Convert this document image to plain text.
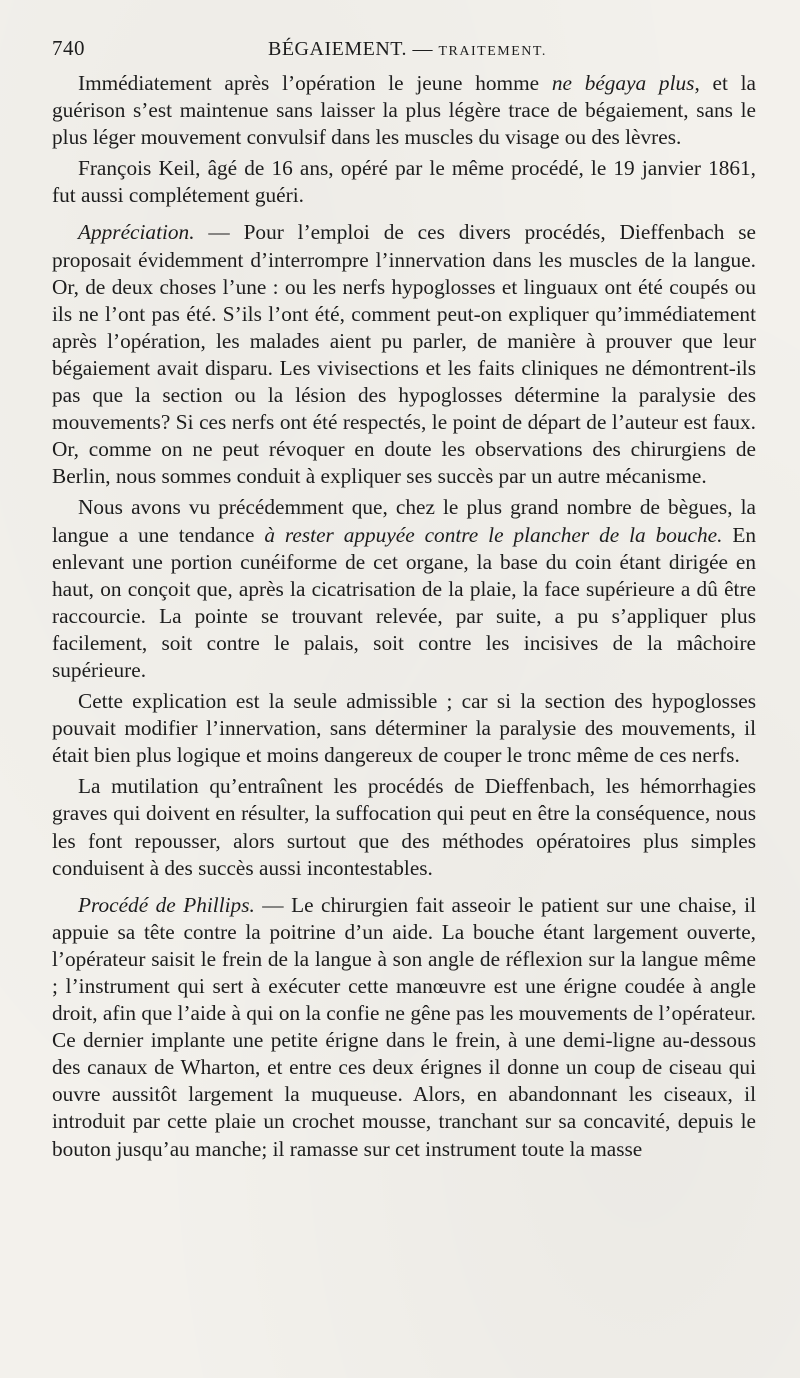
740	BÉGAIEMENT. — TRAITEMENT.

Immédiatement après l’opération le jeune homme ne bégaya plus, et la guérison s’est maintenue sans laisser la plus légère trace de bégaiement, sans le plus léger mouvement convulsif dans les muscles du visage ou des lèvres.

François Keil, âgé de 16 ans, opéré par le même procédé, le 19 janvier 1861, fut aussi complétement guéri.

Appréciation. — Pour l’emploi de ces divers procédés, Dieffenbach se proposait évidemment d’interrompre l’innervation dans les muscles de la langue. Or, de deux choses l’une : ou les nerfs hypoglosses et linguaux ont été coupés ou ils ne l’ont pas été. S’ils l’ont été, comment peut-on expliquer qu’immédiatement après l’opération, les malades aient pu parler, de manière à prouver que leur bégaiement avait disparu. Les vivisections et les faits cliniques ne démontrent-ils pas que la section ou la lésion des hypoglosses détermine la paralysie des mouvements? Si ces nerfs ont été respectés, le point de départ de l’auteur est faux. Or, comme on ne peut révoquer en doute les observations des chirurgiens de Berlin, nous sommes conduit à expliquer ses succès par un autre mécanisme.

Nous avons vu précédemment que, chez le plus grand nombre de bègues, la langue a une tendance à rester appuyée contre le plancher de la bouche. En enlevant une portion cunéiforme de cet organe, la base du coin étant dirigée en haut, on conçoit que, après la cicatrisation de la plaie, la face supérieure a dû être raccourcie. La pointe se trouvant relevée, par suite, a pu s’appliquer plus facilement, soit contre le palais, soit contre les incisives de la mâchoire supérieure.

Cette explication est la seule admissible ; car si la section des hypoglosses pouvait modifier l’innervation, sans déterminer la paralysie des mouvements, il était bien plus logique et moins dangereux de couper le tronc même de ces nerfs.

La mutilation qu’entraînent les procédés de Dieffenbach, les hémorrhagies graves qui doivent en résulter, la suffocation qui peut en être la conséquence, nous les font repousser, alors surtout que des méthodes opératoires plus simples conduisent à des succès aussi incontestables.

Procédé de Phillips. — Le chirurgien fait asseoir le patient sur une chaise, il appuie sa tête contre la poitrine d’un aide. La bouche étant largement ouverte, l’opérateur saisit le frein de la langue à son angle de réflexion sur la langue même ; l’instrument qui sert à exécuter cette manœuvre est une érigne coudée à angle droit, afin que l’aide à qui on la confie ne gêne pas les mouvements de l’opérateur. Ce dernier implante une petite érigne dans le frein, à une demi-ligne au-dessous des canaux de Wharton, et entre ces deux érignes il donne un coup de ciseau qui ouvre aussitôt largement la muqueuse. Alors, en abandonnant les ciseaux, il introduit par cette plaie un crochet mousse, tranchant sur sa concavité, depuis le bouton jusqu’au manche; il ramasse sur cet instrument toute la masse
